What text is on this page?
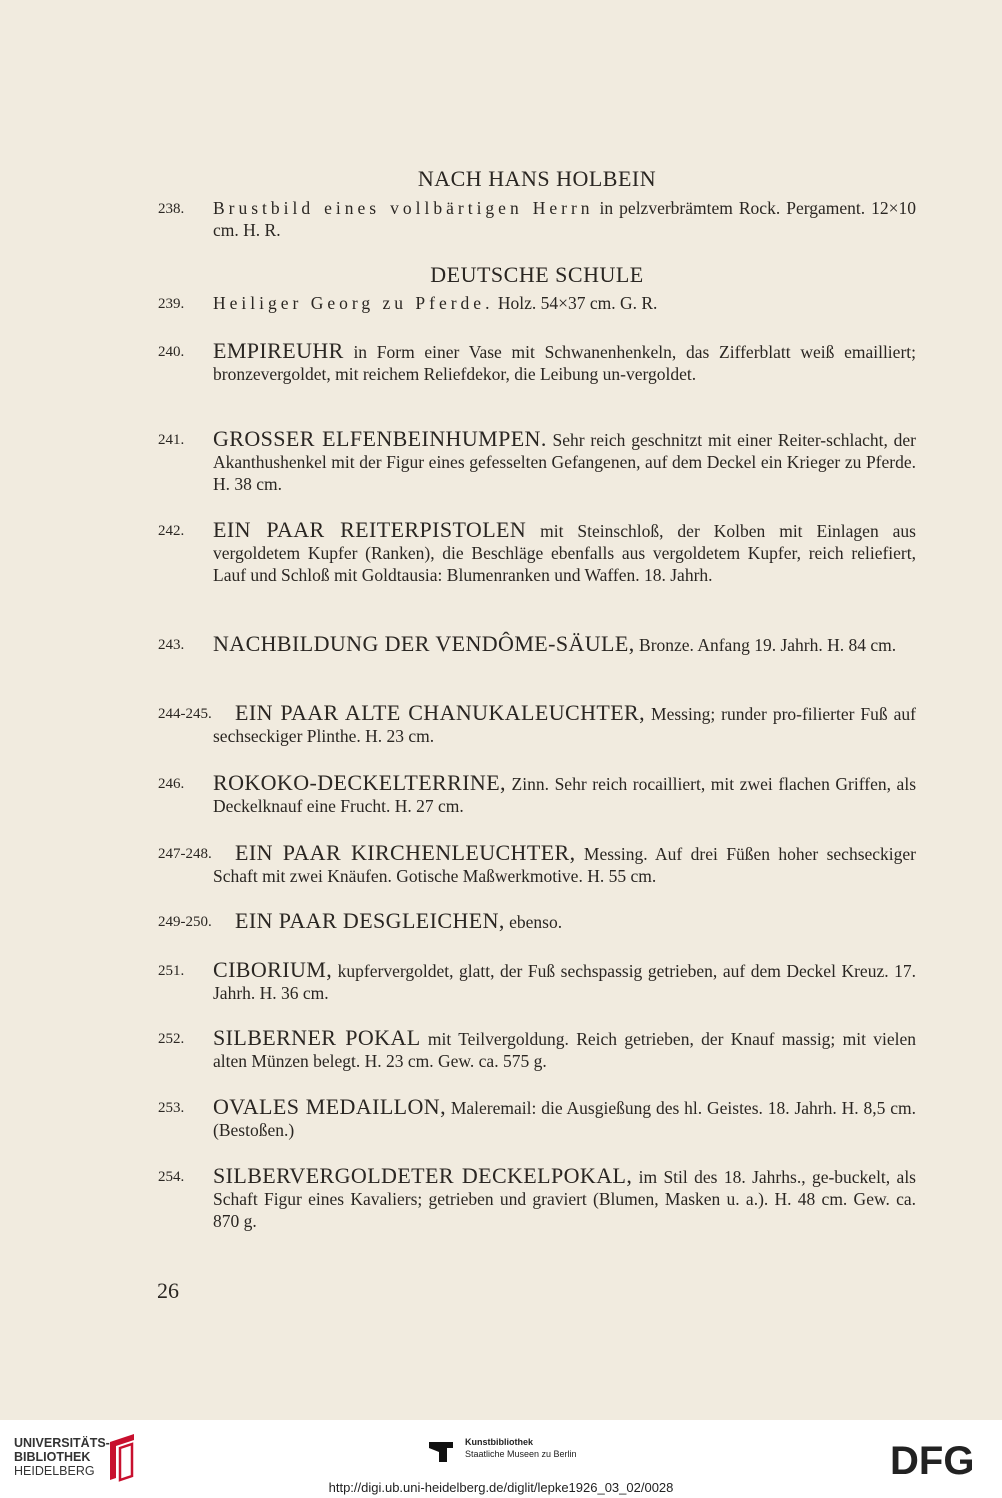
NACH HANS HOLBEIN
238. Brustbild eines vollbärtigen Herrn in pelzverbrämtem Rock. Pergament. 12×10 cm. H. R.
DEUTSCHE SCHULE
239. Heiliger Georg zu Pferde. Holz. 54×37 cm. G. R.
240. EMPIREUHR in Form einer Vase mit Schwanenhenkeln, das Zifferblatt weiß emailliert; bronzevergoldet, mit reichem Reliefdekor, die Leibung un-vergoldet.
241. GROSSER ELFENBEINHUMPEN. Sehr reich geschnitzt mit einer Reiter-schlacht, der Akanthushenkel mit der Figur eines gefesselten Gefangenen, auf dem Deckel ein Krieger zu Pferde. H. 38 cm.
242. EIN PAAR REITERPISTOLEN mit Steinschloß, der Kolben mit Einlagen aus vergoldetem Kupfer (Ranken), die Beschläge ebenfalls aus vergoldetem Kupfer, reich reliefiert, Lauf und Schloß mit Goldtausia: Blumenranken und Waffen. 18. Jahrh.
243. NACHBILDUNG DER VENDÔME-SÄULE, Bronze. Anfang 19. Jahrh. H. 84 cm.
244-245.	EIN PAAR ALTE CHANUKALEUCHTER, Messing; runder pro-filierter Fuß auf sechseckiger Plinthe. H. 23 cm.
246. ROKOKO-DECKELTERRINE, Zinn. Sehr reich rocailliert, mit zwei flachen Griffen, als Deckelknauf eine Frucht. H. 27 cm.
247-248.	EIN PAAR KIRCHENLEUCHTER, Messing. Auf drei Füßen hoher sechseckiger Schaft mit zwei Knäufen. Gotische Maßwerkmotive. H. 55 cm.
249-250.	EIN PAAR DESGLEICHEN, ebenso.
251. CIBORIUM, kupfervergoldet, glatt, der Fuß sechspassig getrieben, auf dem Deckel Kreuz. 17. Jahrh. H. 36 cm.
252. SILBERNER POKAL mit Teilvergoldung. Reich getrieben, der Knauf massig; mit vielen alten Münzen belegt. H. 23 cm. Gew. ca. 575 g.
253. OVALES MEDAILLON, Maleremail: die Ausgießung des hl. Geistes. 18. Jahrh. H. 8,5 cm. (Bestoßen.)
254. SILBERVERGOLDETER DECKELPOKAL, im Stil des 18. Jahrhs., ge-buckelt, als Schaft Figur eines Kavaliers; getrieben und graviert (Blumen, Masken u. a.). H. 48 cm. Gew. ca. 870 g.
26
UNIVERSITÄTS-
BIBLIOTHEK
HEIDELBERG
Kunstbibliothek
Staatliche Museen zu Berlin	DFG
http://digi.ub.uni-heidelberg.de/diglit/lepke1926_03_02/0028
